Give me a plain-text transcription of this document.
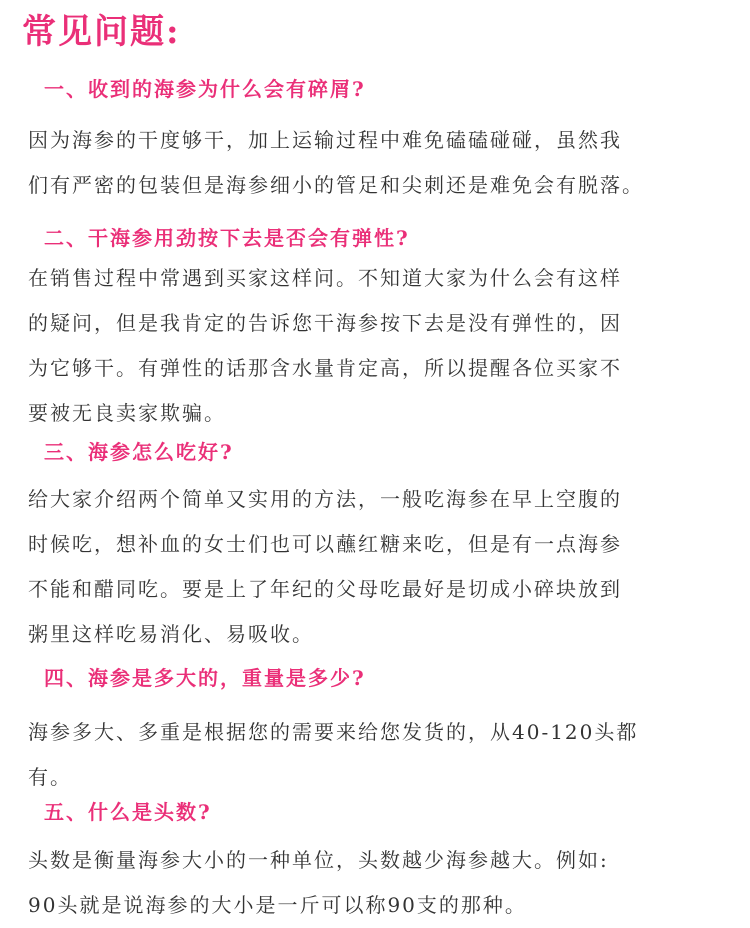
常见问题:
一、收到的海参为什么会有碎屑?
因为海参的干度够干，加上运输过程中难免磕磕碰碰，虽然我
们有严密的包装但是海参细小的管足和尖刺还是难免会有脱落。
二、干海参用劲按下去是否会有弹性?
在销售过程中常遇到买家这样问。不知道大家为什么会有这样
的疑问，但是我肯定的告诉您干海参按下去是没有弹性的，因
为它够干。有弹性的话那含水量肯定高，所以提醒各位买家不
要被无良卖家欺骗。
三、海参怎么吃好?
给大家介绍两个简单又实用的方法，一般吃海参在早上空腹的
时候吃，想补血的女士们也可以蘸红糖来吃，但是有一点海参
不能和醋同吃。要是上了年纪的父母吃最好是切成小碎块放到
粥里这样吃易消化、易吸收。
四、海参是多大的，重量是多少?
海参多大、多重是根据您的需要来给您发货的，从40-120头都
有。
五、什么是头数?
头数是衡量海参大小的一种单位，头数越少海参越大。例如:
90头就是说海参的大小是一斤可以称90支的那种。
